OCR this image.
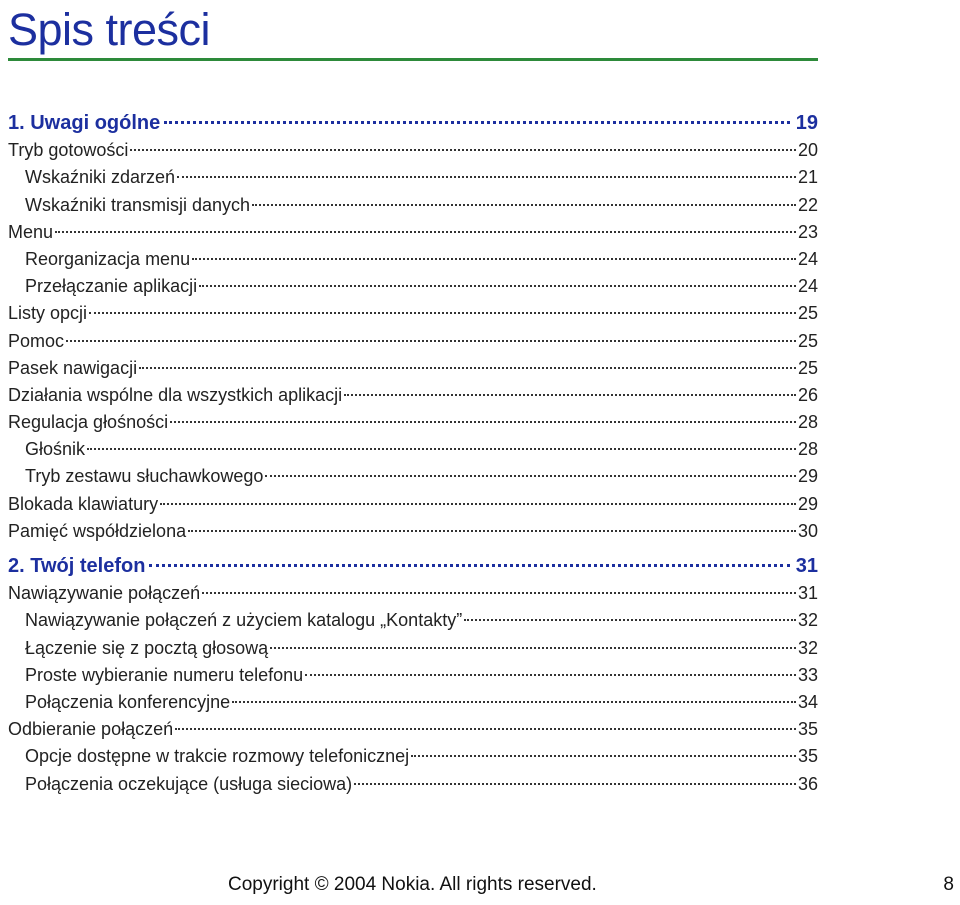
Spis treści
1. Uwagi ogólne	19
Tryb gotowości	20
Wskaźniki zdarzeń	21
Wskaźniki transmisji danych	22
Menu	23
Reorganizacja menu	24
Przełączanie aplikacji	24
Listy opcji	25
Pomoc	25
Pasek nawigacji	25
Działania wspólne dla wszystkich aplikacji	26
Regulacja głośności	28
Głośnik	28
Tryb zestawu słuchawkowego	29
Blokada klawiatury	29
Pamięć współdzielona	30
2. Twój telefon	31
Nawiązywanie połączeń	31
Nawiązywanie połączeń z użyciem katalogu „Kontakty”	32
Łączenie się z pocztą głosową	32
Proste wybieranie numeru telefonu	33
Połączenia konferencyjne	34
Odbieranie połączeń	35
Opcje dostępne w trakcie rozmowy telefonicznej	35
Połączenia oczekujące (usługa sieciowa)	36
Copyright © 2004 Nokia. All rights reserved.	8
